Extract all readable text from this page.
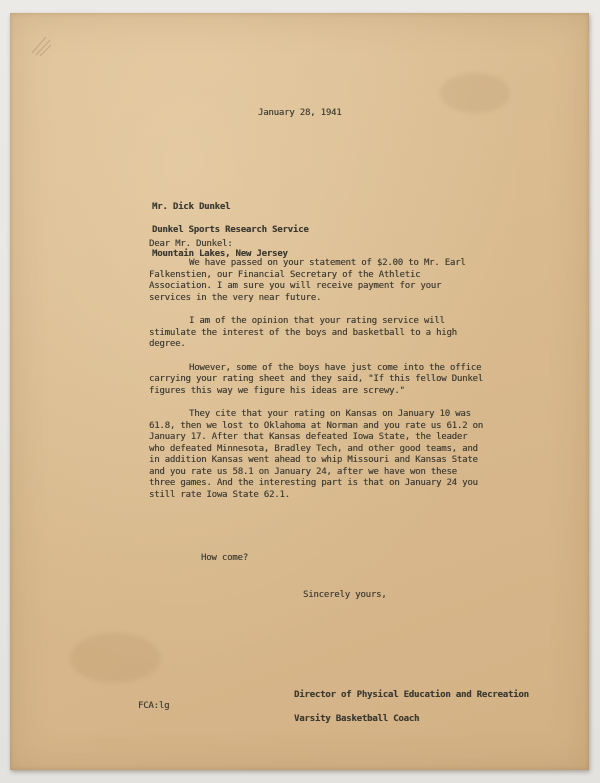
January 28, 1941

Mr. Dick Dunkel

Dunkel Sports Research Service

Mountain Lakes, New Jersey

Dear Mr. Dunkel:

We have passed on your statement of $2.00 to Mr. Earl Falkenstien, our Financial Secretary of the Athletic Association. I am sure you will receive payment for your services in the very near future.

I am of the opinion that your rating service will stimulate the interest of the boys and basketball to a high degree.

However, some of the boys have just come into the office carrying your rating sheet and they said, "If this fellow Dunkel figures this way we figure his ideas are screwy."

They cite that your rating on Kansas on January 10 was 61.8, then we lost to Oklahoma at Norman and you rate us 61.2 on January 17. After that Kansas defeated Iowa State, the leader who defeated Minnesota, Bradley Tech, and other good teams, and in addition Kansas went ahead to whip Missouri and Kansas State and you rate us 58.1 on January 24, after we have won these three games. And the interesting part is that on January 24 you still rate Iowa State 62.1.

How come?
Sincerely yours,

Director of Physical Education and Recreation

Varsity Basketball Coach

FCA:lg
